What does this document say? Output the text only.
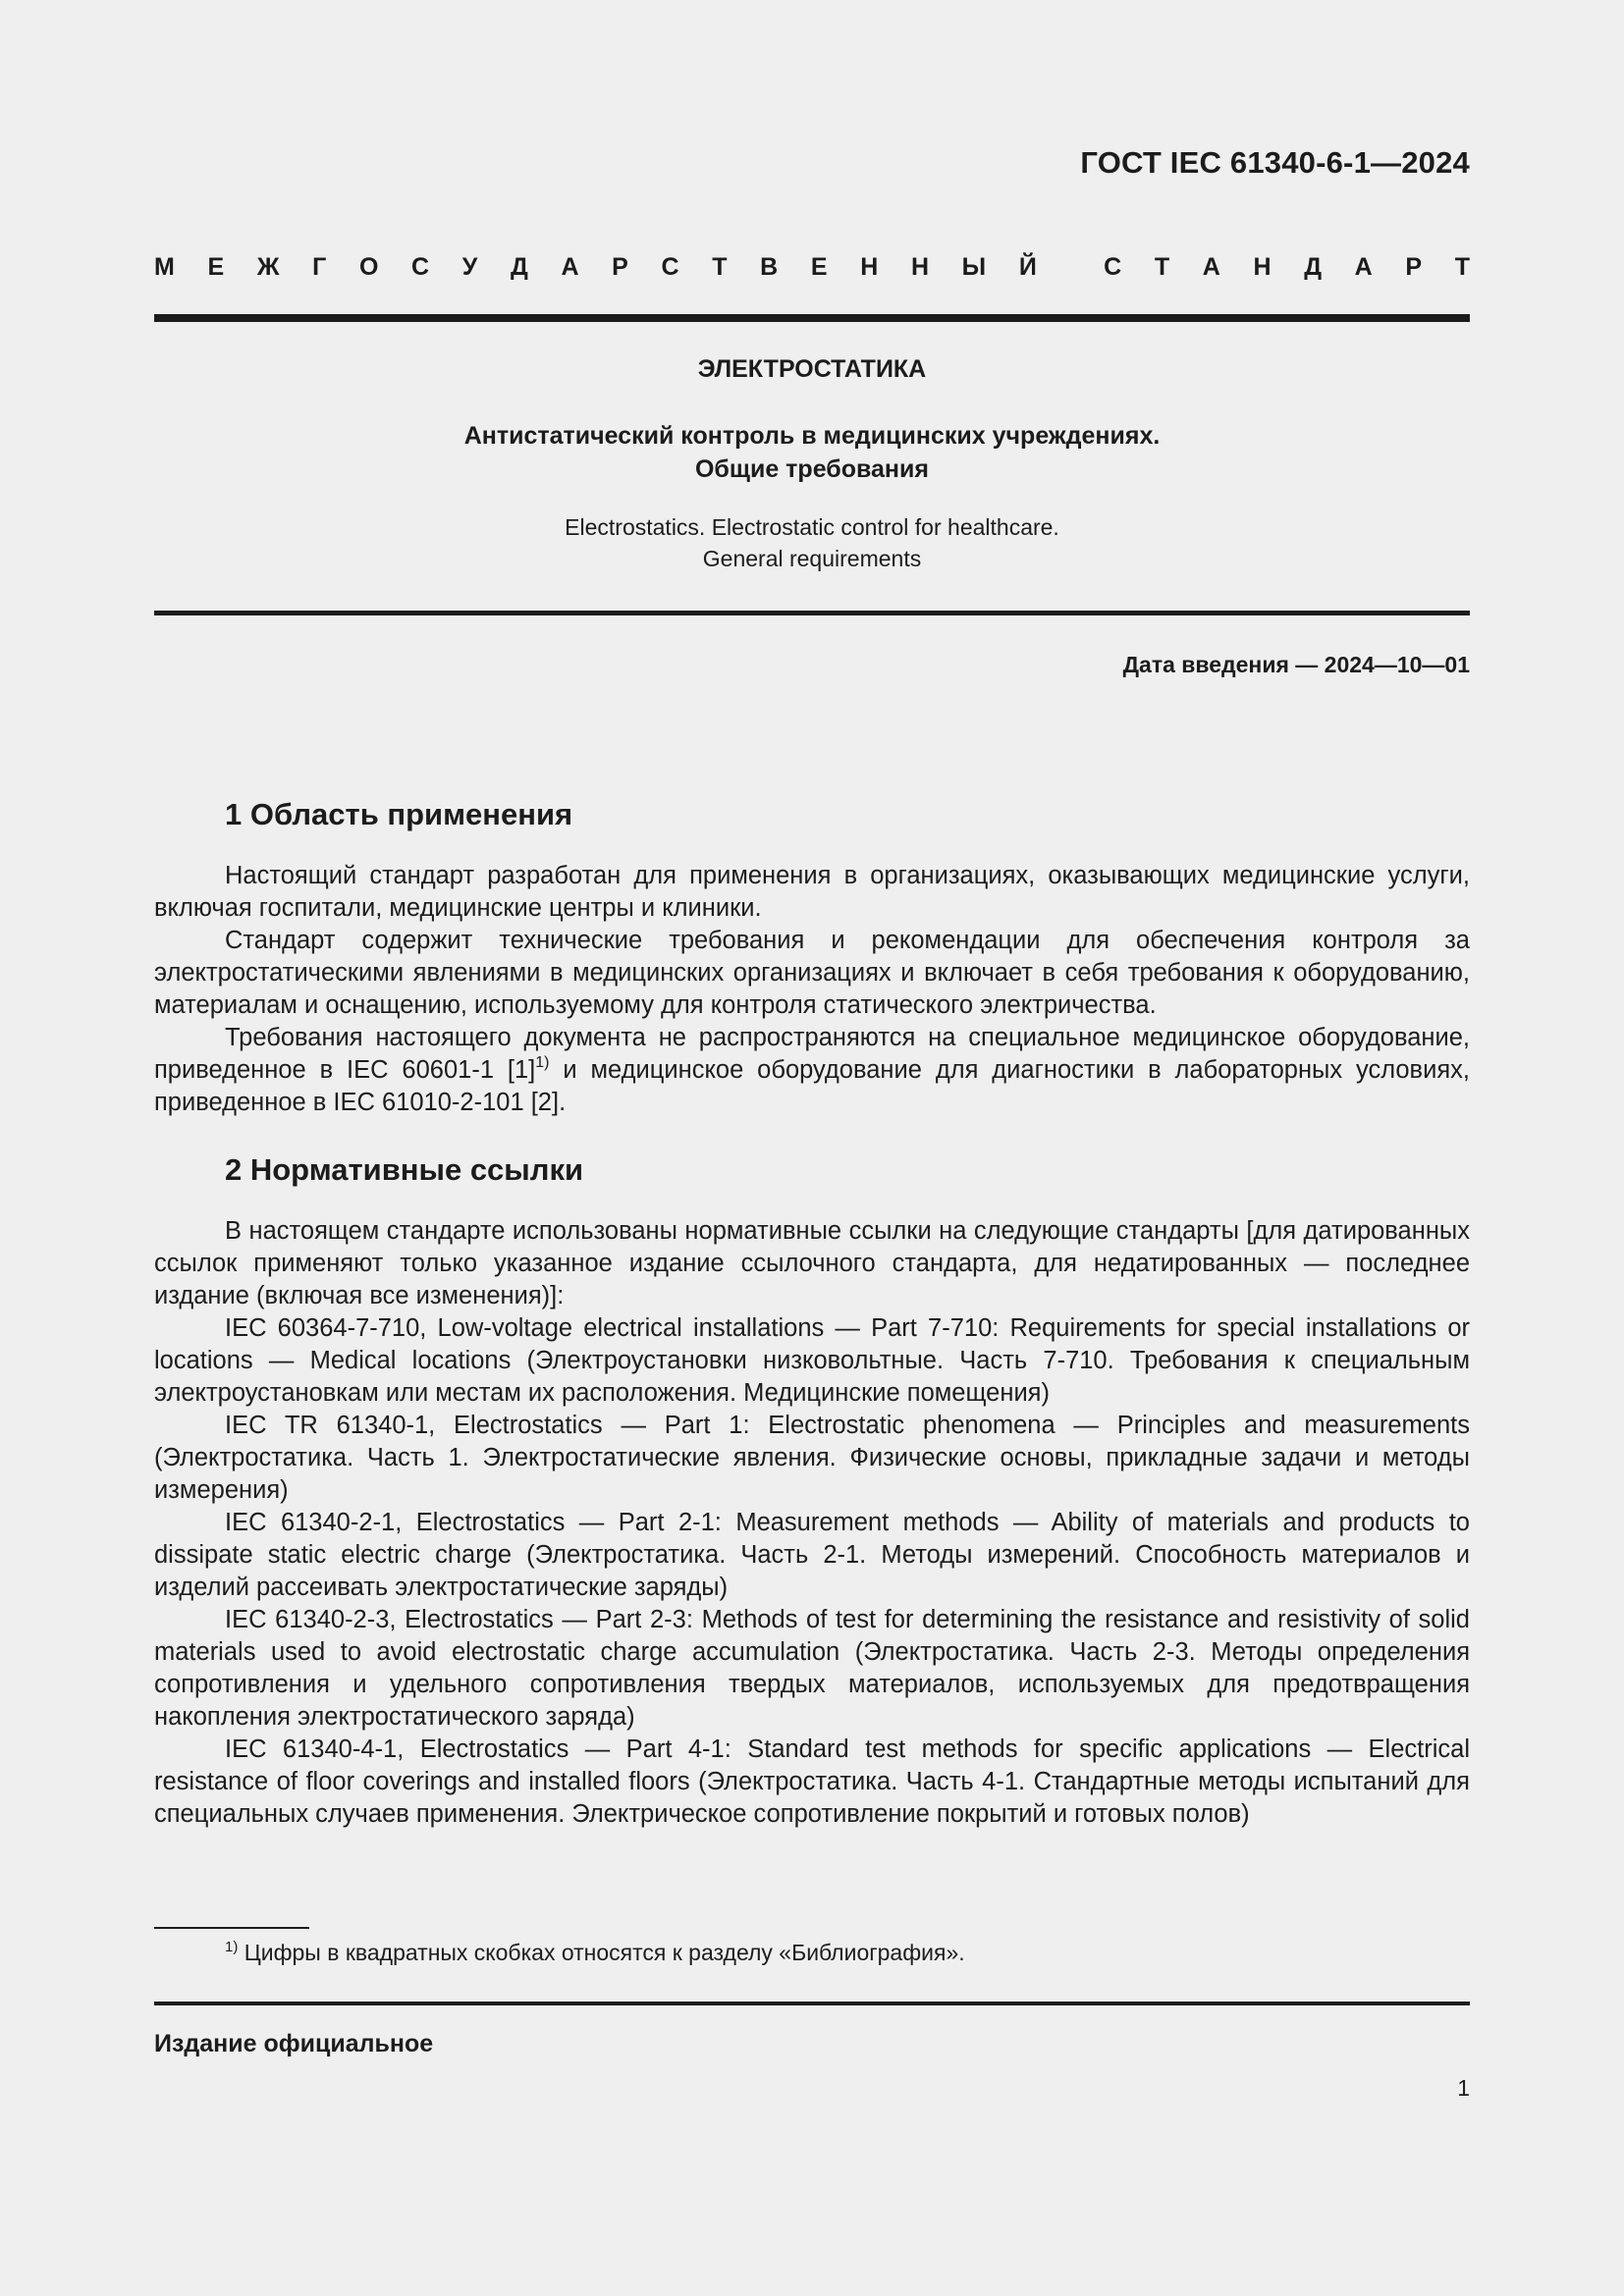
ГОСТ IEC 61340-6-1—2024
М Е Ж Г О С У Д А Р С Т В Е Н Н Ы Й	С Т А Н Д А Р Т
ЭЛЕКТРОСТАТИКА
Антистатический контроль в медицинских учреждениях.
Общие требования
Electrostatics. Electrostatic control for healthcare.
General requirements
Дата введения — 2024—10—01
1 Область применения

Настоящий стандарт разработан для применения в организациях, оказывающих медицинские услуги, включая госпитали, медицинские центры и клиники.

Стандарт содержит технические требования и рекомендации для обеспечения контроля за электростатическими явлениями в медицинских организациях и включает в себя требования к оборудованию, материалам и оснащению, используемому для контроля статического электричества.

Требования настоящего документа не распространяются на специальное медицинское оборудование, приведенное в IEC 60601-1 $[1]^{1)}$ и медицинское оборудование для диагностики в лабораторных условиях, приведенное в IEC 61010-2-101 [2].

2 Нормативные ссылки

В настоящем стандарте использованы нормативные ссылки на следующие стандарты [для датированных ссылок применяют только указанное издание ссылочного стандарта, для недатированных — последнее издание (включая все изменения)]:

IEC 60364-7-710, Low-voltage electrical installations — Part 7-710: Requirements for special installations or locations — Medical locations (Электроустановки низковольтные. Часть 7-710. Требования к специальным электроустановкам или местам их расположения. Медицинские помещения)

IEC TR 61340-1, Electrostatics — Part 1: Electrostatic phenomena — Principles and measurements (Электростатика. Часть 1. Электростатические явления. Физические основы, прикладные задачи и методы измерения)

IEC 61340-2-1, Electrostatics — Part 2-1: Measurement methods — Ability of materials and products to dissipate static electric charge (Электростатика. Часть 2-1. Методы измерений. Способность материалов и изделий рассеивать электростатические заряды)

IEC 61340-2-3, Electrostatics — Part 2-3: Methods of test for determining the resistance and resistivity of solid materials used to avoid electrostatic charge accumulation (Электростатика. Часть 2-3. Методы определения сопротивления и удельного сопротивления твердых материалов, используемых для предотвращения накопления электростатического заряда)

IEC 61340-4-1, Electrostatics — Part 4-1: Standard test methods for specific applications — Electrical resistance of floor coverings and installed floors (Электростатика. Часть 4-1. Стандартные методы испытаний для специальных случаев применения. Электрическое сопротивление покрытий и готовых полов)

$^{1)}$ Цифры в квадратных скобках относятся к разделу «Библиография».
Издание официальное
1
